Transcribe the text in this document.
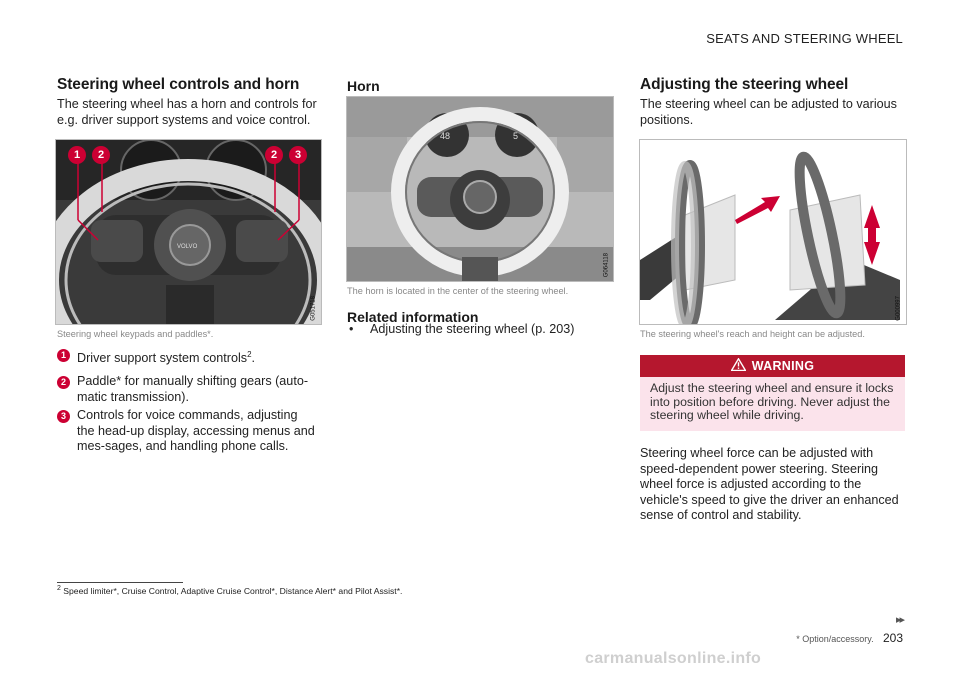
SEATS AND STEERING WHEEL
Steering wheel controls and horn

The steering wheel has a horn and controls for e.g. driver support systems and voice control.

76
VOLVO
1	2	2	3
G051718
Steering wheel keypads and paddles*.
1 Driver support system controls$^2$.
2 Paddle* for manually shifting gears (auto-matic transmission).
3 Controls for voice commands, adjusting the head-up display, accessing menus and mes-sages, and handling phone calls.
Horn
48	5
G064118
The horn is located in the center of the steering wheel.
Related information
• Adjusting the steering wheel (p. 203)
Adjusting the steering wheel

The steering wheel can be adjusted to various positions.

G000997
The steering wheel's reach and height can be adjusted.
WARNING
Adjust the steering wheel and ensure it locks into position before driving. Never adjust the steering wheel while driving.

Steering wheel force can be adjusted with speed-dependent power steering. Steering wheel force is adjusted according to the vehicle's speed to give the driver an enhanced sense of control and stability.

$^2$ Speed limiter*, Cruise Control, Adaptive Cruise Control*, Distance Alert* and Pilot Assist*.
▸▸
* Option/accessory. 203
carmanualsonline.info
